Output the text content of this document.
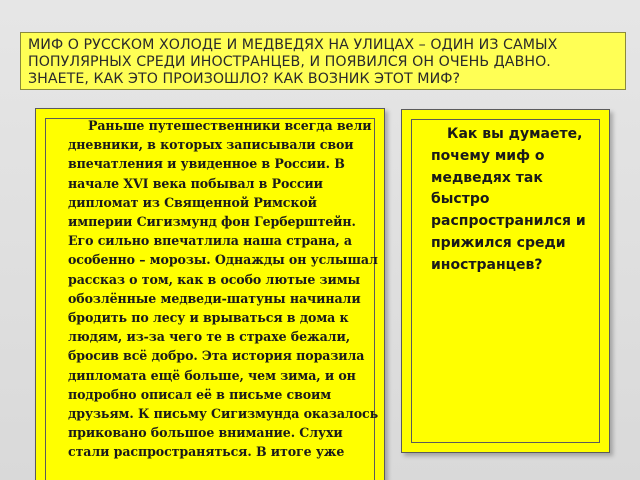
МИФ О РУССКОМ ХОЛОДЕ И МЕДВЕДЯХ НА УЛИЦАХ – ОДИН ИЗ САМЫХ
ПОПУЛЯРНЫХ СРЕДИ ИНОСТРАНЦЕВ, И ПОЯВИЛСЯ ОН ОЧЕНЬ ДАВНО.
ЗНАЕТЕ, КАК ЭТО ПРОИЗОШЛО? КАК ВОЗНИК ЭТОТ МИФ?

Раньше путешественники всегда вели дневники, в которых записывали свои впечатления и увиденное в России. В начале XVI века побывал в России дипломат из Священной Римской империи Сигизмунд фон Герберштейн. Его сильно впечатлила наша страна, а особенно – морозы. Однажды он услышал рассказ о том, как в особо лютые зимы обозлённые медведи-шатуны начинали бродить по лесу и врываться в дома к людям, из-за чего те в страхе бежали, бросив всё добро. Эта история поразила дипломата ещё больше, чем зима, и он подробно описал её в письме своим друзьям. К письму Сигизмунда оказалось приковано большое внимание. Слухи стали распространяться. В итоге уже

Как вы думаете, почему миф о медведях так быстро распространился и прижился среди иностранцев?
